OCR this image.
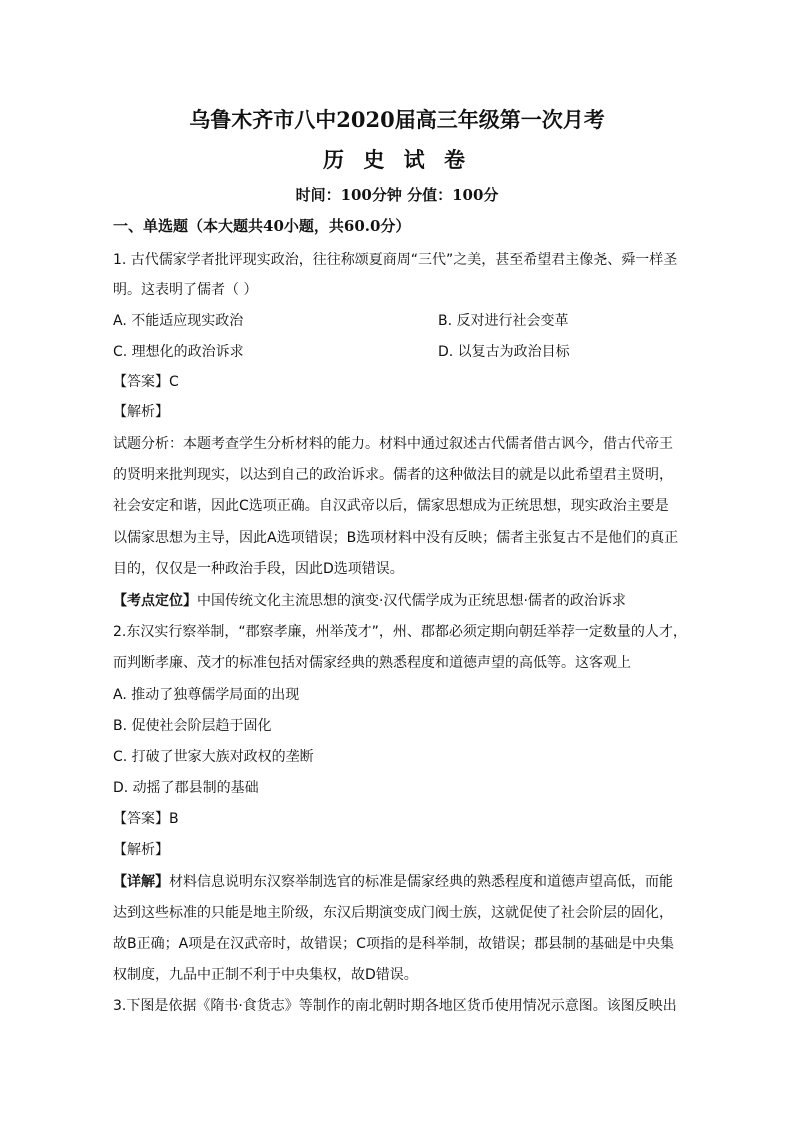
乌鲁木齐市八中2020届高三年级第一次月考
历 史 试 卷
时间：100分钟 分值：100分
一、单选题（本大题共40小题，共60.0分）
1. 古代儒家学者批评现实政治，往往称颂夏商周“三代”之美，甚至希望君主像尧、舜一样圣
明。这表明了儒者（ ）
A. 不能适应现实政治	B. 反对进行社会变革
C. 理想化的政治诉求	D. 以复古为政治目标
【答案】C
【解析】
试题分析：本题考查学生分析材料的能力。材料中通过叙述古代儒者借古讽今，借古代帝王
的贤明来批判现实，以达到自己的政治诉求。儒者的这种做法目的就是以此希望君主贤明，
社会安定和谐，因此C选项正确。自汉武帝以后，儒家思想成为正统思想，现实政治主要是
以儒家思想为主导，因此A选项错误；B选项材料中没有反映；儒者主张复古不是他们的真正
目的，仅仅是一种政治手段，因此D选项错误。
【考点定位】中国传统文化主流思想的演变·汉代儒学成为正统思想·儒者的政治诉求
2.东汉实行察举制，“郡察孝廉，州举茂才”，州、郡都必须定期向朝廷举荐一定数量的人才，
而判断孝廉、茂才的标准包括对儒家经典的熟悉程度和道德声望的高低等。这客观上
A. 推动了独尊儒学局面的出现
B. 促使社会阶层趋于固化
C. 打破了世家大族对政权的垄断
D. 动摇了郡县制的基础
【答案】B
【解析】
【详解】材料信息说明东汉察举制选官的标准是儒家经典的熟悉程度和道德声望高低，而能
达到这些标准的只能是地主阶级，东汉后期演变成门阀士族，这就促使了社会阶层的固化，
故B正确；A项是在汉武帝时，故错误；C项指的是科举制，故错误；郡县制的基础是中央集
权制度，九品中正制不利于中央集权，故D错误。
3.下图是依据《隋书·食货志》等制作的南北朝时期各地区货币使用情况示意图。该图反映出
